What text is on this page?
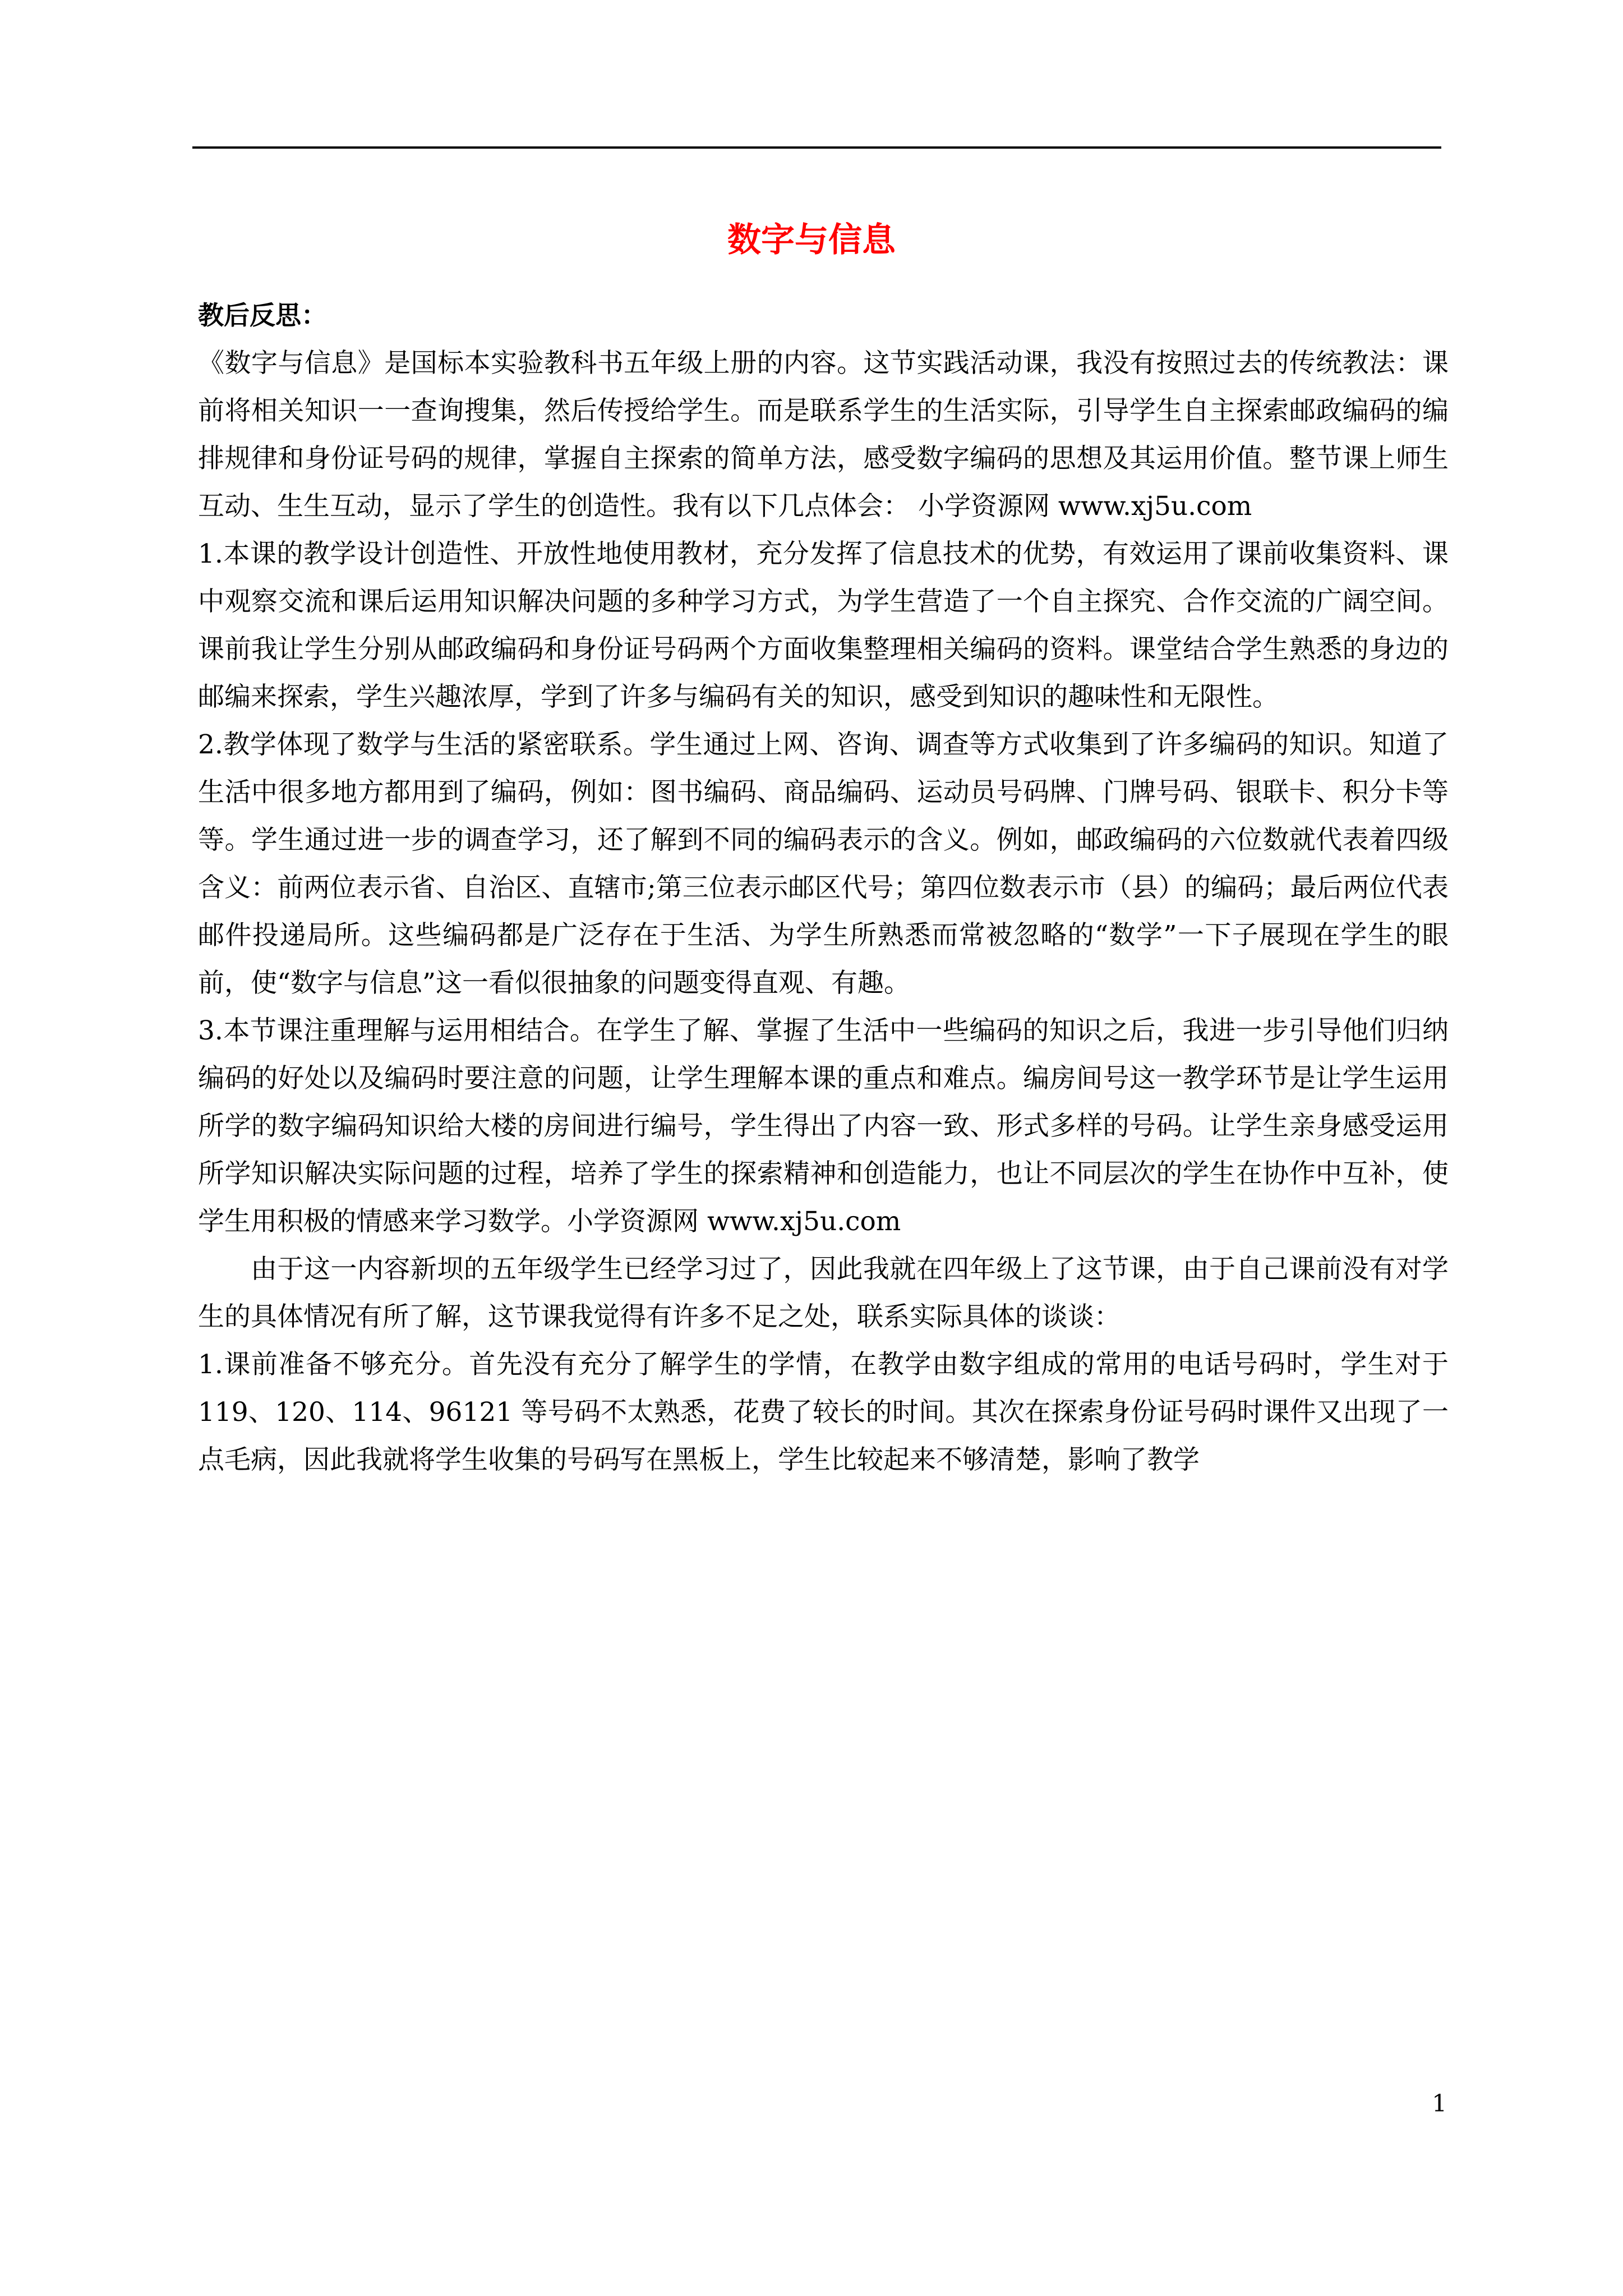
数字与信息

教后反思：

《数字与信息》是国标本实验教科书五年级上册的内容。这节实践活动课，我没有按照过去的传统教法：课前将相关知识一一查询搜集，然后传授给学生。而是联系学生的生活实际，引导学生自主探索邮政编码的编排规律和身份证号码的规律，掌握自主探索的简单方法，感受数字编码的思想及其运用价值。整节课上师生互动、生生互动，显示了学生的创造性。我有以下几点体会： 小学资源网 www.xj5u.com

1.本课的教学设计创造性、开放性地使用教材，充分发挥了信息技术的优势，有效运用了课前收集资料、课中观察交流和课后运用知识解决问题的多种学习方式，为学生营造了一个自主探究、合作交流的广阔空间。课前我让学生分别从邮政编码和身份证号码两个方面收集整理相关编码的资料。课堂结合学生熟悉的身边的邮编来探索，学生兴趣浓厚，学到了许多与编码有关的知识，感受到知识的趣味性和无限性。

2.教学体现了数学与生活的紧密联系。学生通过上网、咨询、调查等方式收集到了许多编码的知识。知道了生活中很多地方都用到了编码，例如：图书编码、商品编码、运动员号码牌、门牌号码、银联卡、积分卡等等。学生通过进一步的调查学习，还了解到不同的编码表示的含义。例如，邮政编码的六位数就代表着四级含义：前两位表示省、自治区、直辖市;第三位表示邮区代号；第四位数表示市（县）的编码；最后两位代表邮件投递局所。这些编码都是广泛存在于生活、为学生所熟悉而常被忽略的“数学”一下子展现在学生的眼前，使“数字与信息”这一看似很抽象的问题变得直观、有趣。

3.本节课注重理解与运用相结合。在学生了解、掌握了生活中一些编码的知识之后，我进一步引导他们归纳编码的好处以及编码时要注意的问题，让学生理解本课的重点和难点。编房间号这一教学环节是让学生运用所学的数字编码知识给大楼的房间进行编号，学生得出了内容一致、形式多样的号码。让学生亲身感受运用所学知识解决实际问题的过程，培养了学生的探索精神和创造能力，也让不同层次的学生在协作中互补，使学生用积极的情感来学习数学。小学资源网 www.xj5u.com

由于这一内容新坝的五年级学生已经学习过了，因此我就在四年级上了这节课，由于自己课前没有对学生的具体情况有所了解，这节课我觉得有许多不足之处，联系实际具体的谈谈：

1.课前准备不够充分。首先没有充分了解学生的学情，在教学由数字组成的常用的电话号码时，学生对于 119、120、114、96121 等号码不太熟悉，花费了较长的时间。其次在探索身份证号码时课件又出现了一点毛病，因此我就将学生收集的号码写在黑板上，学生比较起来不够清楚，影响了教学

1
